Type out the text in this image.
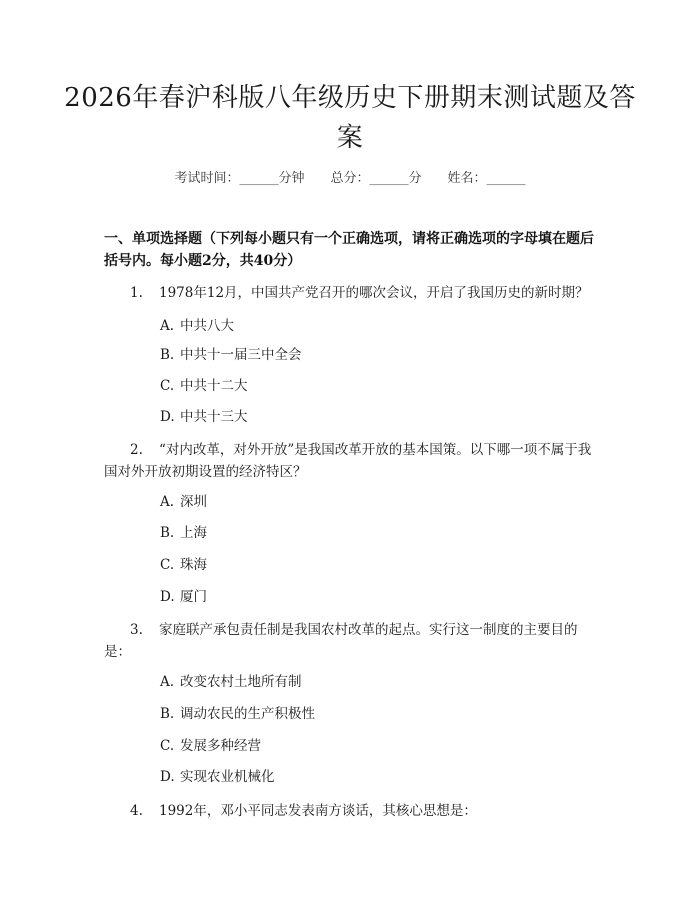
2026年春沪科版八年级历史下册期末测试题及答案
考试时间：______分钟 总分：______分 姓名：______
一、单项选择题（下列每小题只有一个正确选项，请将正确选项的字母填在题后括号内。每小题2分，共40分）
1. 1978年12月，中国共产党召开的哪次会议，开启了我国历史的新时期？
A. 中共八大
B. 中共十一届三中全会
C. 中共十二大
D. 中共十三大
2. “对内改革，对外开放”是我国改革开放的基本国策。以下哪一项不属于我国对外开放初期设置的经济特区？
A. 深圳
B. 上海
C. 珠海
D. 厦门
3. 家庭联产承包责任制是我国农村改革的起点。实行这一制度的主要目的是：
A. 改变农村土地所有制
B. 调动农民的生产积极性
C. 发展多种经营
D. 实现农业机械化
4. 1992年，邓小平同志发表南方谈话，其核心思想是：
